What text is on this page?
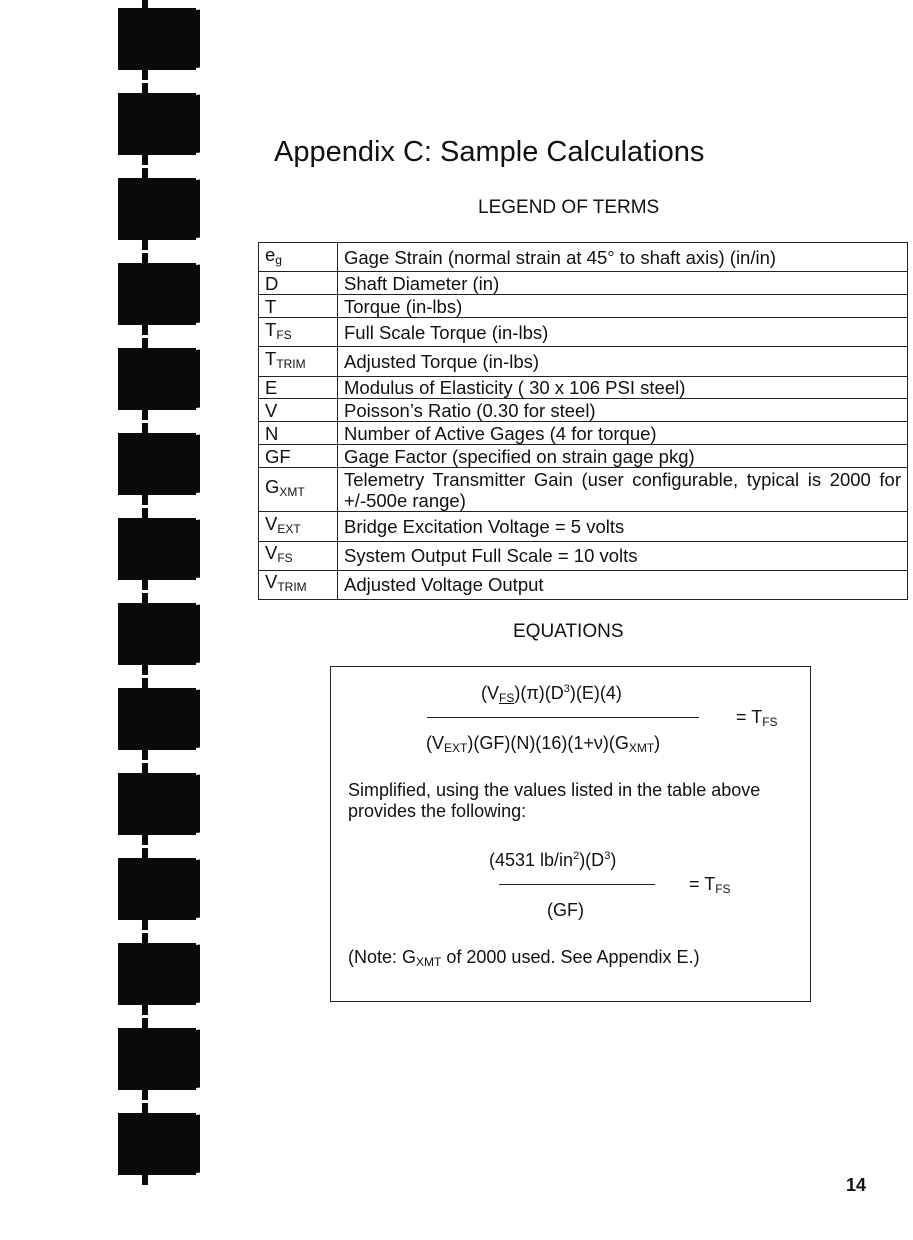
Appendix C: Sample Calculations
LEGEND OF TERMS
$e_g$	Gage Strain (normal strain at 45° to shaft axis) (in/in)
D	Shaft Diameter (in)
T	Torque (in-lbs)
$T_{FS}$	Full Scale Torque (in-lbs)
$T_{TRIM}$	Adjusted Torque (in-lbs)
E	Modulus of Elasticity ( 30 x 106 PSI steel)
V	Poisson’s Ratio (0.30 for steel)
N	Number of Active Gages (4 for torque)
GF	Gage Factor (specified on strain gage pkg)
$G_{XMT}$	Telemetry Transmitter Gain (user configurable, typical is 2000 for +/-500e range)
$V_{EXT}$	Bridge Excitation Voltage = 5 volts
$V_{FS}$	System Output Full Scale = 10 volts
$V_{TRIM}$	Adjusted Voltage Output
EQUATIONS
$(V_{FS})(\pi)(D^3)(E)(4)$
= $T_{FS}$
$(V_{EXT})(GF)(N)(16)(1+\nu)(G_{XMT})$
Simplified, using the values listed in the table above provides the following:
(4531 $lb/in^2)(D^3)$
= $T_{FS}$
(GF)
(Note: $G_{XMT}$ of 2000 used. See Appendix E.)
14
